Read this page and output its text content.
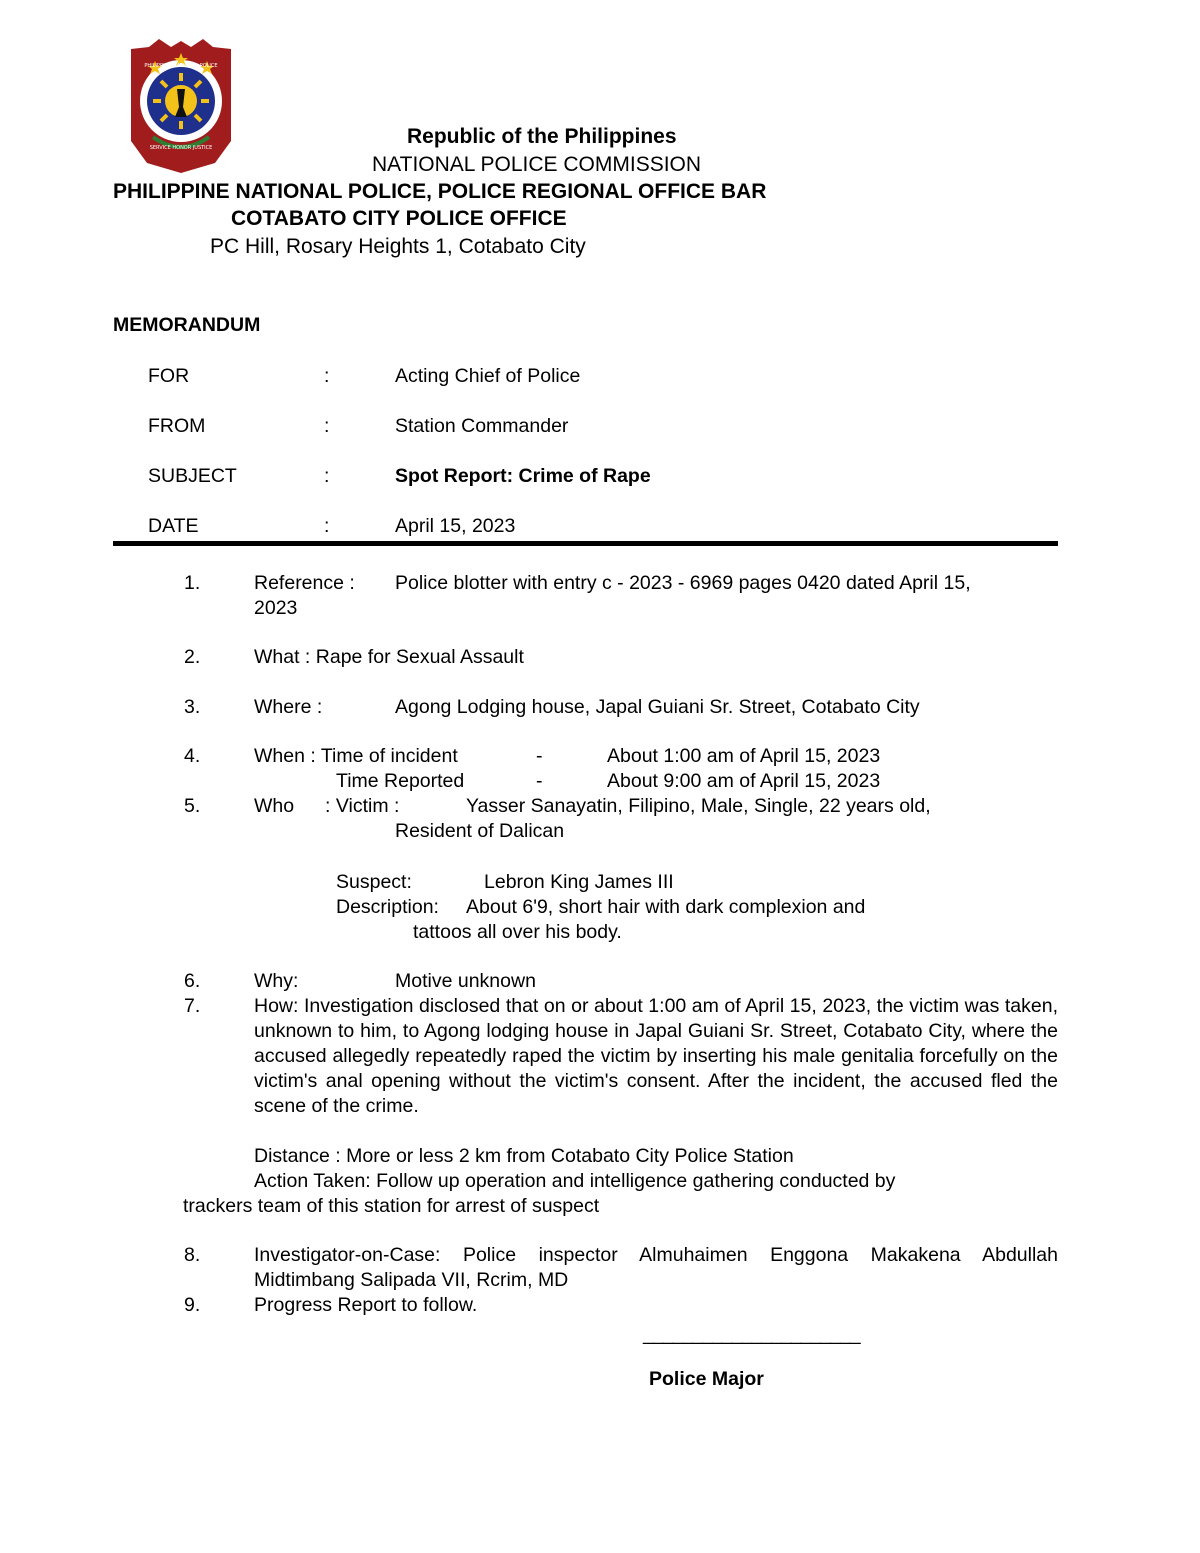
PHILIPPINE NATIONAL POLICE
SERVICE HONOR JUSTICE	Republic of the Philippines
NATIONAL POLICE COMMISSION
PHILIPPINE NATIONAL POLICE, POLICE REGIONAL OFFICE BAR
COTABATO CITY POLICE OFFICE
PC Hill, Rosary Heights 1, Cotabato City
MEMORANDUM
FOR	:	Acting Chief of Police
FROM	:	Station Commander
SUBJECT	:	Spot Report: Crime of Rape
DATE	:	April 15, 2023
1.	Reference : Police blotter with entry c - 2023 - 6969 pages 0420 dated April 15,
2023
2.	What : Rape for Sexual Assault
3.	Where :	Agong Lodging house, Japal Guiani Sr. Street, Cotabato City
4.	When : Time of incident	-	About 1:00 am of April 15, 2023
Time Reported	-	About 9:00 am of April 15, 2023
5.	Who : Victim :	Yasser Sanayatin, Filipino, Male, Single, 22 years old,
Resident of Dalican
Suspect:	Lebron King James III
Description: About 6'9, short hair with dark complexion and
tattoos all over his body.
6.	Why:	Motive unknown
7.	How: Investigation disclosed that on or about 1:00 am of April 15, 2023, the victim was taken, unknown to him, to Agong lodging house in Japal Guiani Sr. Street, Cotabato City, where the accused allegedly repeatedly raped the victim by inserting his male genitalia forcefully on the victim's anal opening without the victim's consent. After the incident, the accused fled the scene of the crime.
Distance : More or less 2 km from Cotabato City Police Station
Action Taken: Follow up operation and intelligence gathering conducted by
trackers team of this station for arrest of suspect
8.	Investigator-on-Case: Police inspector Almuhaimen Enggona Makakena Abdullah Midtimbang Salipada VII, Rcrim, MD
9.	Progress Report to follow.
______________________
Police Major
